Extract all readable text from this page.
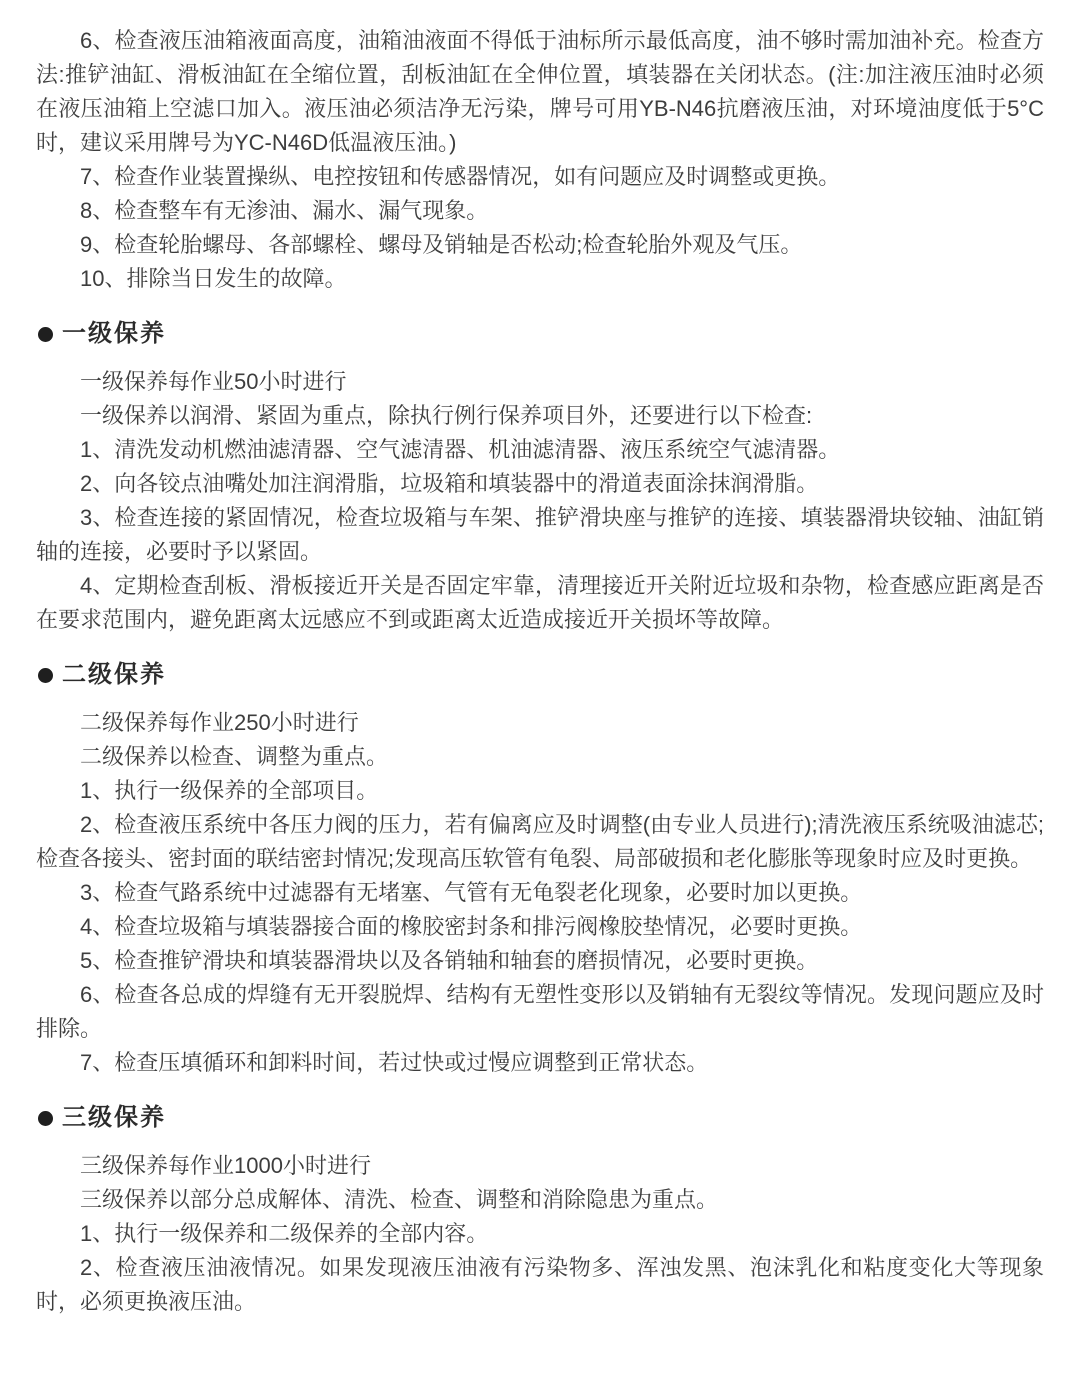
6、检查液压油箱液面高度，油箱油液面不得低于油标所示最低高度，油不够时需加油补充。检查方法:推铲油缸、滑板油缸在全缩位置，刮板油缸在全伸位置，填装器在关闭状态。(注:加注液压油时必须在液压油箱上空滤口加入。液压油必须洁净无污染，牌号可用YB-N46抗磨液压油，对环境油度低于5°C时，建议采用牌号为YC-N46D低温液压油。)

7、检查作业装置操纵、电控按钮和传感器情况，如有问题应及时调整或更换。

8、检查整车有无渗油、漏水、漏气现象。

9、检查轮胎螺母、各部螺栓、螺母及销轴是否松动;检查轮胎外观及气压。

10、排除当日发生的故障。

一级保养

一级保养每作业50小时进行

一级保养以润滑、紧固为重点，除执行例行保养项目外，还要进行以下检查:

1、清洗发动机燃油滤清器、空气滤清器、机油滤清器、液压系统空气滤清器。

2、向各铰点油嘴处加注润滑脂，垃圾箱和填装器中的滑道表面涂抹润滑脂。

3、检查连接的紧固情况，检查垃圾箱与车架、推铲滑块座与推铲的连接、填装器滑块铰轴、油缸销轴的连接，必要时予以紧固。

4、定期检查刮板、滑板接近开关是否固定牢靠，清理接近开关附近垃圾和杂物，检查感应距离是否在要求范围内，避免距离太远感应不到或距离太近造成接近开关损坏等故障。

二级保养

二级保养每作业250小时进行

二级保养以检查、调整为重点。

1、执行一级保养的全部项目。

2、检查液压系统中各压力阀的压力，若有偏离应及时调整(由专业人员进行);清洗液压系统吸油滤芯;检查各接头、密封面的联结密封情况;发现高压软管有龟裂、局部破损和老化膨胀等现象时应及时更换。

3、检查气路系统中过滤器有无堵塞、气管有无龟裂老化现象，必要时加以更换。

4、检查垃圾箱与填装器接合面的橡胶密封条和排污阀橡胶垫情况，必要时更换。

5、检查推铲滑块和填装器滑块以及各销轴和轴套的磨损情况，必要时更换。

6、检查各总成的焊缝有无开裂脱焊、结构有无塑性变形以及销轴有无裂纹等情况。发现问题应及时排除。

7、检查压填循环和卸料时间，若过快或过慢应调整到正常状态。

三级保养

三级保养每作业1000小时进行

三级保养以部分总成解体、清洗、检查、调整和消除隐患为重点。

1、执行一级保养和二级保养的全部内容。

2、检查液压油液情况。如果发现液压油液有污染物多、浑浊发黑、泡沫乳化和粘度变化大等现象时，必须更换液压油。
